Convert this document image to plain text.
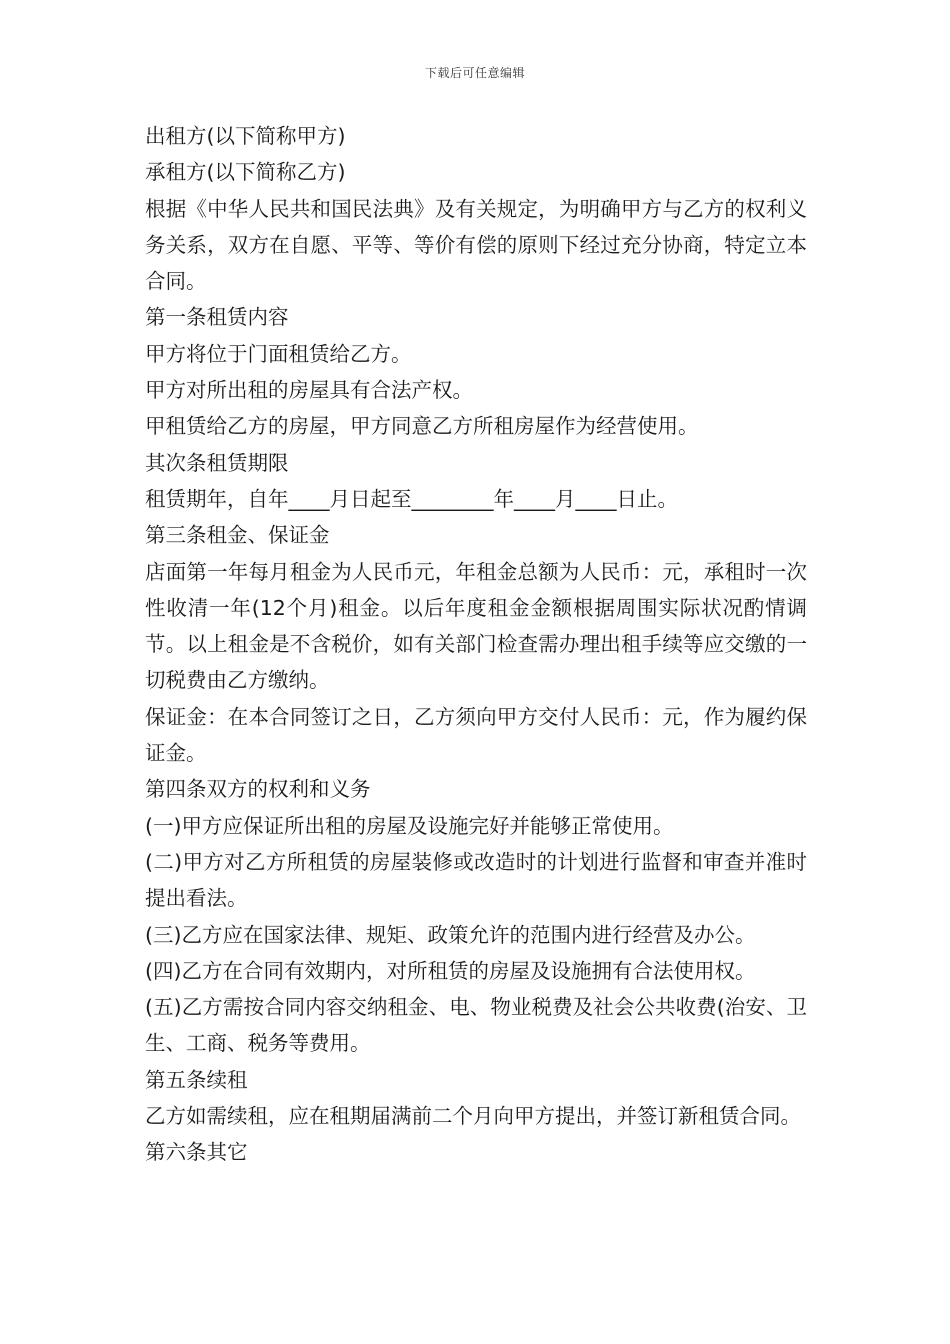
下载后可任意编辑

出租方(以下简称甲方)

承租方(以下简称乙方)

根据《中华人民共和国民法典》及有关规定，为明确甲方与乙方的权利义务关系，双方在自愿、平等、等价有偿的原则下经过充分协商，特定立本合同。

第一条租赁内容

甲方将位于门面租赁给乙方。

甲方对所出租的房屋具有合法产权。

甲租赁给乙方的房屋，甲方同意乙方所租房屋作为经营使用。

其次条租赁期限

租赁期年，自年____月日起至________年____月____日止。

第三条租金、保证金

店面第一年每月租金为人民币元，年租金总额为人民币：元，承租时一次性收清一年(12个月)租金。以后年度租金金额根据周围实际状况酌情调节。以上租金是不含税价，如有关部门检查需办理出租手续等应交缴的一切税费由乙方缴纳。

保证金：在本合同签订之日，乙方须向甲方交付人民币：元，作为履约保证金。

第四条双方的权利和义务

(一)甲方应保证所出租的房屋及设施完好并能够正常使用。

(二)甲方对乙方所租赁的房屋装修或改造时的计划进行监督和审查并准时提出看法。

(三)乙方应在国家法律、规矩、政策允许的范围内进行经营及办公。

(四)乙方在合同有效期内，对所租赁的房屋及设施拥有合法使用权。

(五)乙方需按合同内容交纳租金、电、物业税费及社会公共收费(治安、卫生、工商、税务等费用。

第五条续租

乙方如需续租，应在租期届满前二个月向甲方提出，并签订新租赁合同。

第六条其它
